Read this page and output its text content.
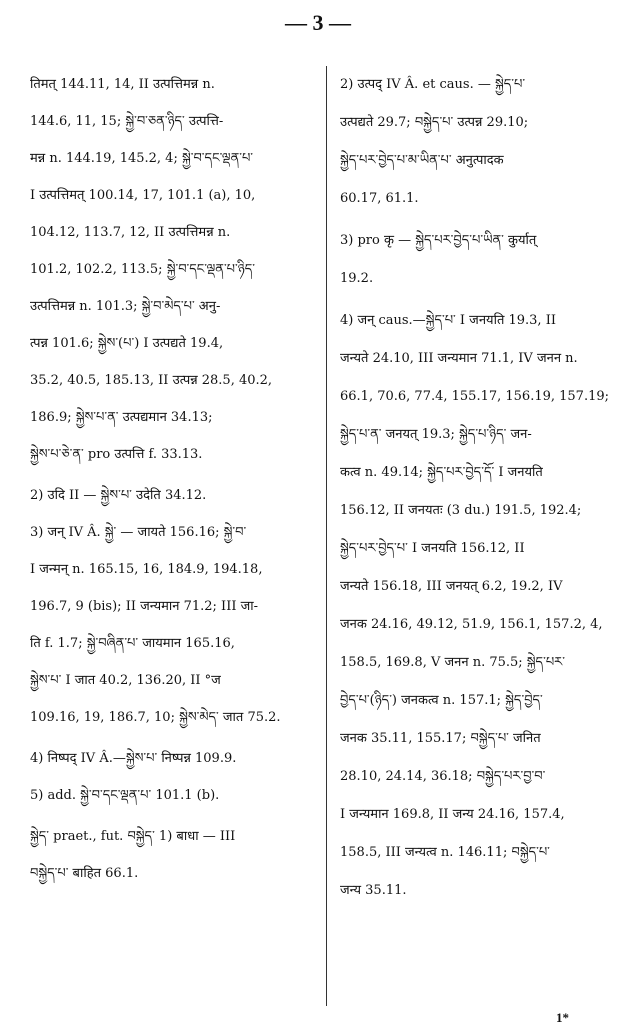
— 3 —
तिमत् 144.11, 14, II उत्पत्तिमन्न n.
144.6, 11, 15; སྐྱེ་བ་ཅན་ཉིད་ उत्पत्ति-
मन्न n. 144.19, 145.2, 4; སྐྱེ་བ་དང་ལྡན་པ་
I उत्पत्तिमत् 100.14, 17, 101.1 (a), 10,
104.12, 113.7, 12, II उत्पत्तिमन्न n.
101.2, 102.2, 113.5; སྐྱེ་བ་དང་ལྡན་པ་ཉིད་
उत्पत्तिमन्न n. 101.3; སྐྱེ་བ་མེད་པ་ अनु-
त्पन्न 101.6; སྐྱེས་(པ་) I उत्पद्यते 19.4,
35.2, 40.5, 185.13, II उत्पन्न 28.5, 40.2,
186.9; སྐྱེས་པ་ན་ उत्पद्यमान 34.13;
སྐྱེས་པ་ཅེ་ན་ pro उत्पत्ति f. 33.13.
2) उदि II — སྐྱེས་པ་ उदेति 34.12.
3) जन् IV Â. སྐྱེ་ — जायते 156.16; སྐྱེ་བ་
I जन्मन् n. 165.15, 16, 184.9, 194.18,
196.7, 9 (bis); II जन्यमान 71.2; III जा-
ति f. 1.7; སྐྱེ་བཞིན་པ་ जायमान 165.16,
སྐྱེས་པ་ I जात 40.2, 136.20, II °ज
109.16, 19, 186.7, 10; སྐྱེས་མེད་ जात 75.2.
4) निष्पद् IV Â.—སྐྱེས་པ་ निष्पन्न 109.9.
5) add. སྐྱེ་བ་དང་ལྡན་པ་ 101.1 (b).
སྐྱེད་ praet., fut. བསྐྱེད་ 1) बाधा — III
བསྐྱེད་པ་ बाहित 66.1.
2) उत्पद् IV Â. et caus. — སྐྱེད་པ་
उत्पद्यते 29.7; བསྐྱེད་པ་ उत्पन्न 29.10;
སྐྱེད་པར་བྱེད་པ་མ་ཡིན་པ་ अनुत्पादक
60.17, 61.1.
3) pro कृ — སྐྱེད་པར་བྱེད་པ་ཡིན་ कुर्यात्
19.2.
4) जन् caus.—སྐྱེད་པ་ I जनयति 19.3, II
जन्यते 24.10, III जन्यमान 71.1, IV जनन n.
66.1, 70.6, 77.4, 155.17, 156.19, 157.19;
སྐྱེད་པ་ན་ जनयत् 19.3; སྐྱེད་པ་ཉིད་ जन-
कत्व n. 49.14; སྐྱེད་པར་བྱེད་དོ་ I जनयति
156.12, II जनयतः (3 du.) 191.5, 192.4;
སྐྱེད་པར་བྱེད་པ་ I जनयति 156.12, II
जन्यते 156.18, III जनयत् 6.2, 19.2, IV
जनक 24.16, 49.12, 51.9, 156.1, 157.2, 4,
158.5, 169.8, V जनन n. 75.5; སྐྱེད་པར་
བྱེད་པ་(ཉིད་) जनकत्व n. 157.1; སྐྱེད་བྱེད་
जनक 35.11, 155.17; བསྐྱེད་པ་ जनित
28.10, 24.14, 36.18; བསྐྱེད་པར་བྱ་བ་
I जन्यमान 169.8, II जन्य 24.16, 157.4,
158.5, III जन्यत्व n. 146.11; བསྐྱེད་པ་
जन्य 35.11.
1*
